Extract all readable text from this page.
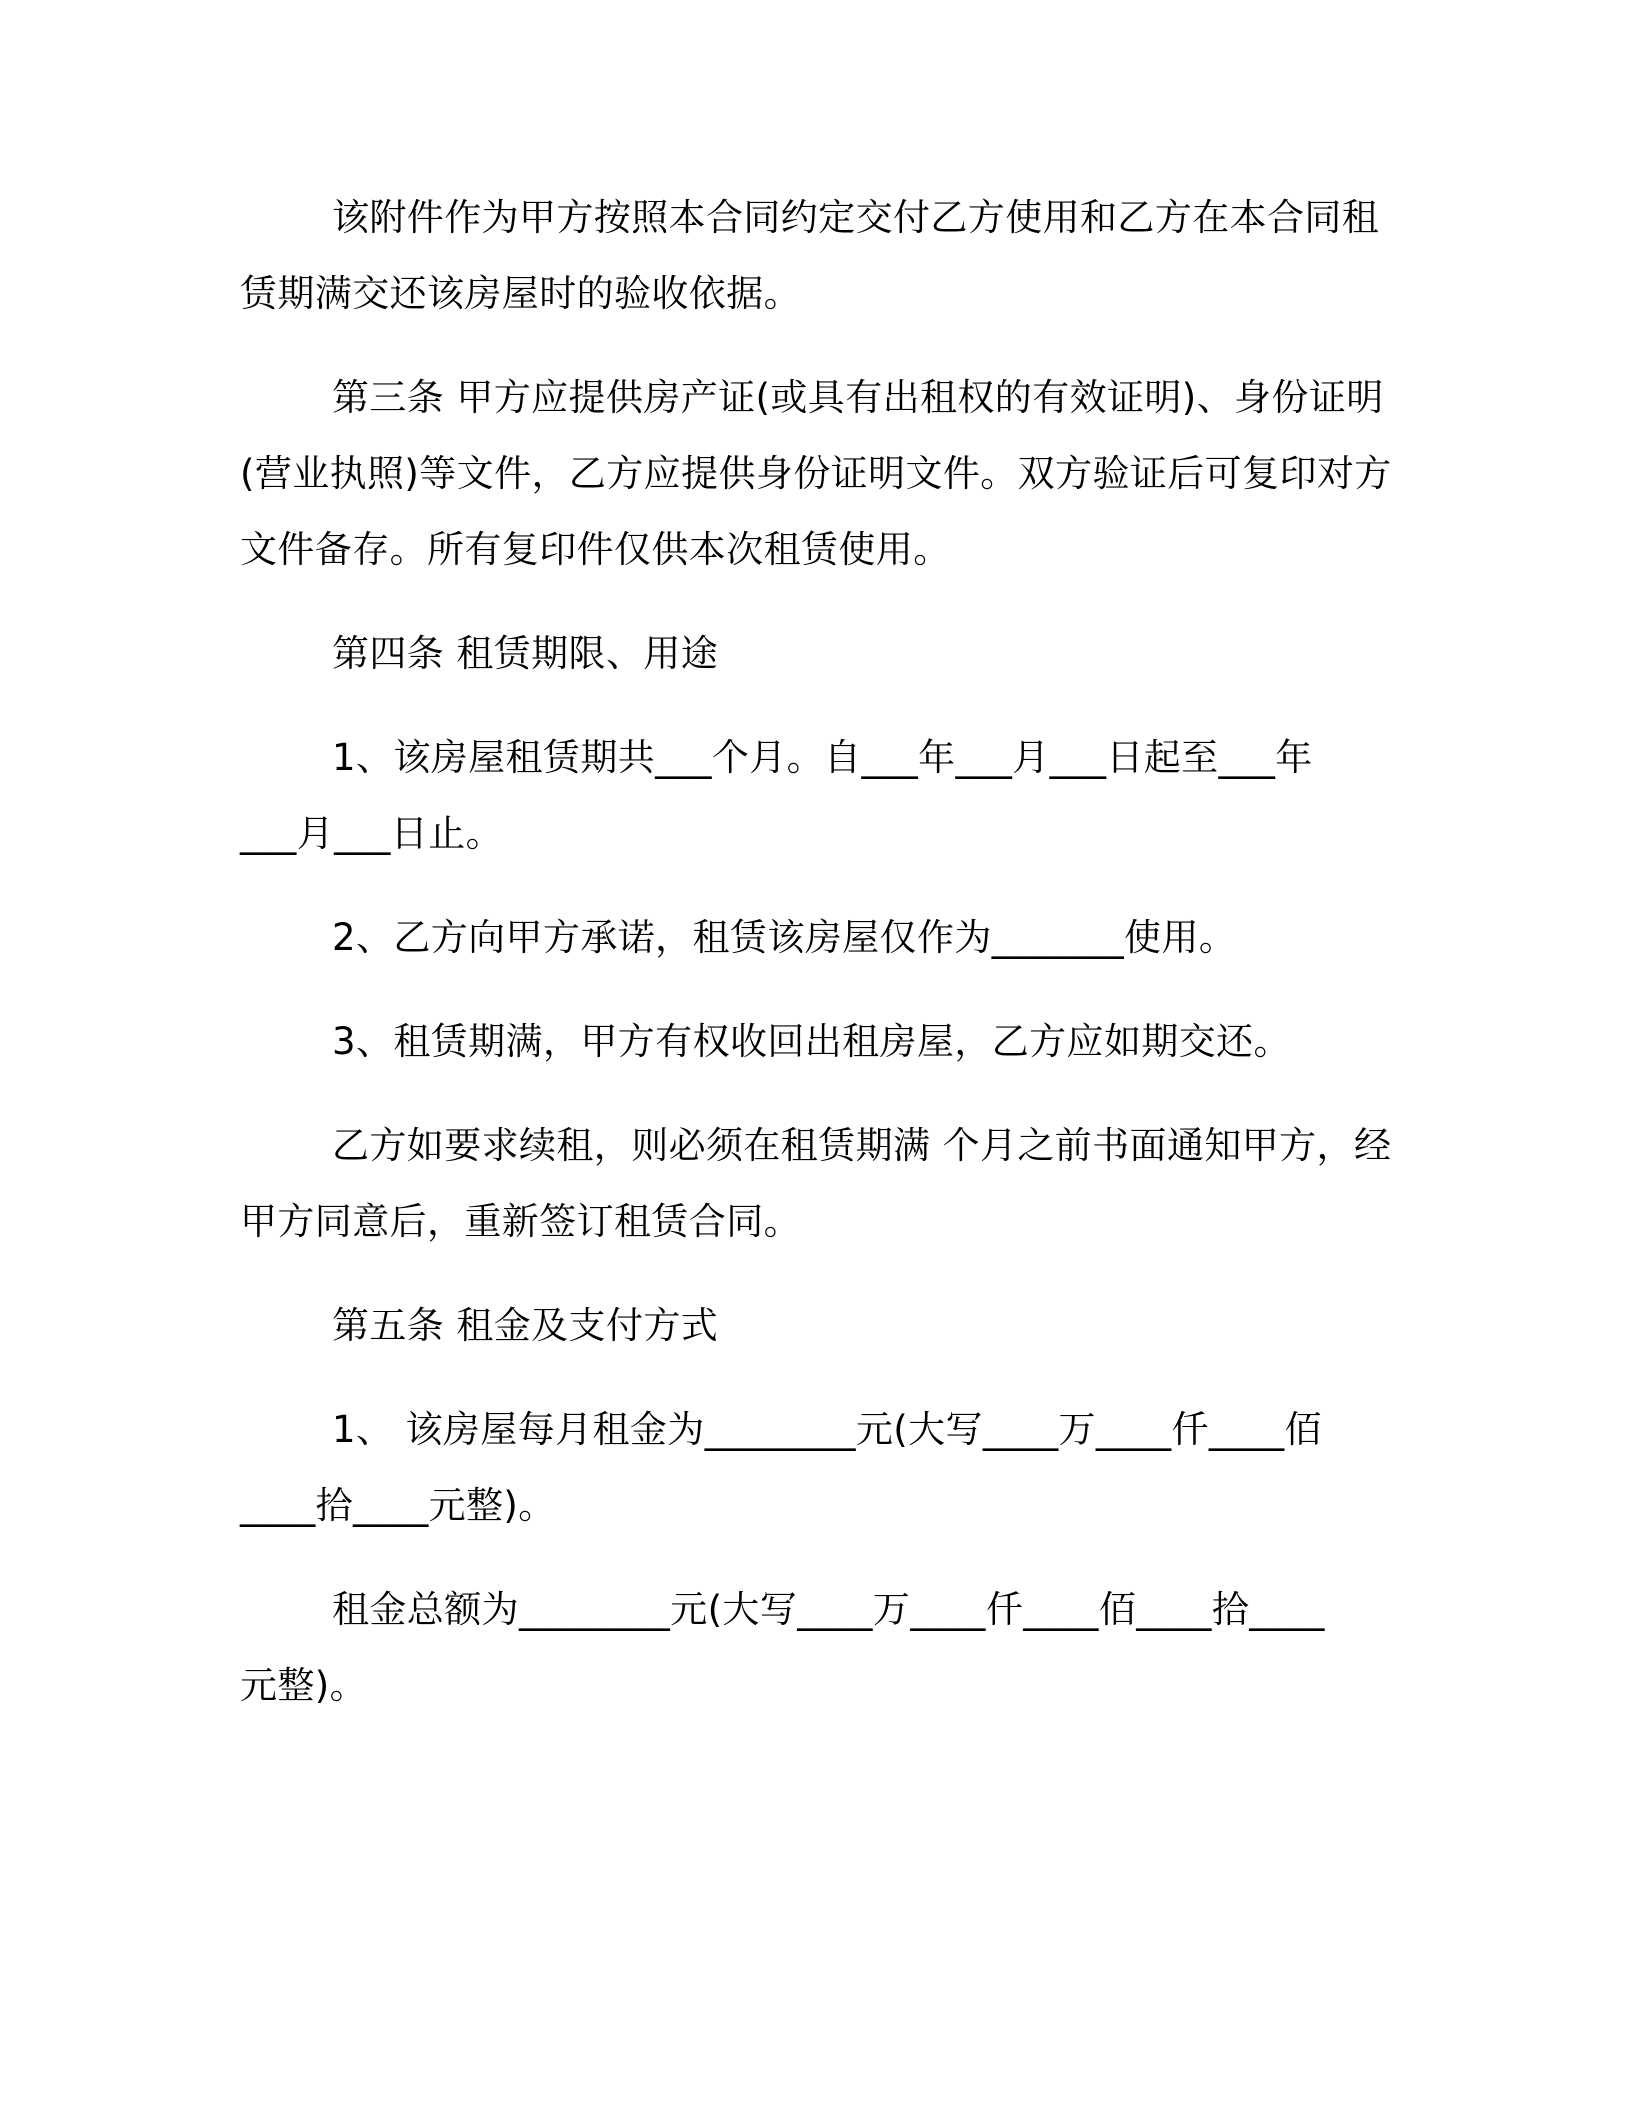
该附件作为甲方按照本合同约定交付乙方使用和乙方在本合同租
赁期满交还该房屋时的验收依据。
第三条 甲方应提供房产证(或具有出租权的有效证明)、身份证明
(营业执照)等文件，乙方应提供身份证明文件。双方验证后可复印对方
文件备存。所有复印件仅供本次租赁使用。
第四条 租赁期限、用途
1、该房屋租赁期共___个月。自___年___月___日起至___年
___月___日止。
2、乙方向甲方承诺，租赁该房屋仅作为_______使用。
3、租赁期满，甲方有权收回出租房屋，乙方应如期交还。
乙方如要求续租，则必须在租赁期满 个月之前书面通知甲方，经
甲方同意后，重新签订租赁合同。
第五条 租金及支付方式
1、 该房屋每月租金为________元(大写____万____仟____佰
____拾____元整)。
租金总额为________元(大写____万____仟____佰____拾____
元整)。
